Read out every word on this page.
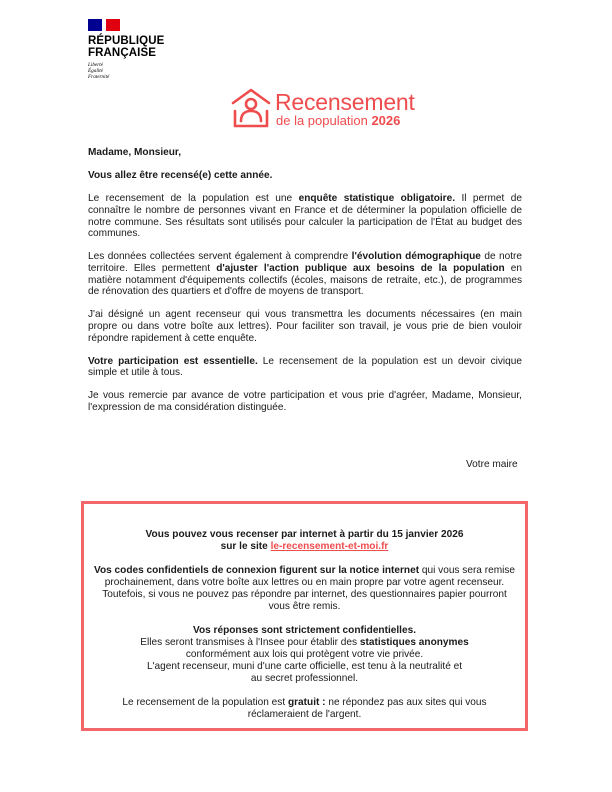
RÉPUBLIQUE
FRANÇAISE
Liberté
Égalité
Fraternité
Recensement
de la population 2026

Madame, Monsieur,

Vous allez être recensé(e) cette année.

Le recensement de la population est une enquête statistique obligatoire. Il permet de connaître le nombre de personnes vivant en France et de déterminer la population officielle de notre commune. Ses résultats sont utilisés pour calculer la participation de l'État au budget des communes.

Les données collectées servent également à comprendre l'évolution démographique de notre territoire. Elles permettent d'ajuster l'action publique aux besoins de la population en matière notamment d'équipements collectifs (écoles, maisons de retraite, etc.), de programmes de rénovation des quartiers et d'offre de moyens de transport.

J'ai désigné un agent recenseur qui vous transmettra les documents nécessaires (en main propre ou dans votre boîte aux lettres). Pour faciliter son travail, je vous prie de bien vouloir répondre rapidement à cette enquête.

Votre participation est essentielle. Le recensement de la population est un devoir civique simple et utile à tous.

Je vous remercie par avance de votre participation et vous prie d'agréer, Madame, Monsieur, l'expression de ma considération distinguée.

Votre maire

Vous pouvez vous recenser par internet à partir du 15 janvier 2026
sur le site le-recensement-et-moi.fr

Vos codes confidentiels de connexion figurent sur la notice internet qui vous sera remise prochainement, dans votre boîte aux lettres ou en main propre par votre agent recenseur. Toutefois, si vous ne pouvez pas répondre par internet, des questionnaires papier pourront vous être remis.

Vos réponses sont strictement confidentielles.
Elles seront transmises à l'Insee pour établir des statistiques anonymes
conformément aux lois qui protègent votre vie privée.
L'agent recenseur, muni d'une carte officielle, est tenu à la neutralité et
au secret professionnel.

Le recensement de la population est gratuit : ne répondez pas aux sites qui vous réclameraient de l'argent.
